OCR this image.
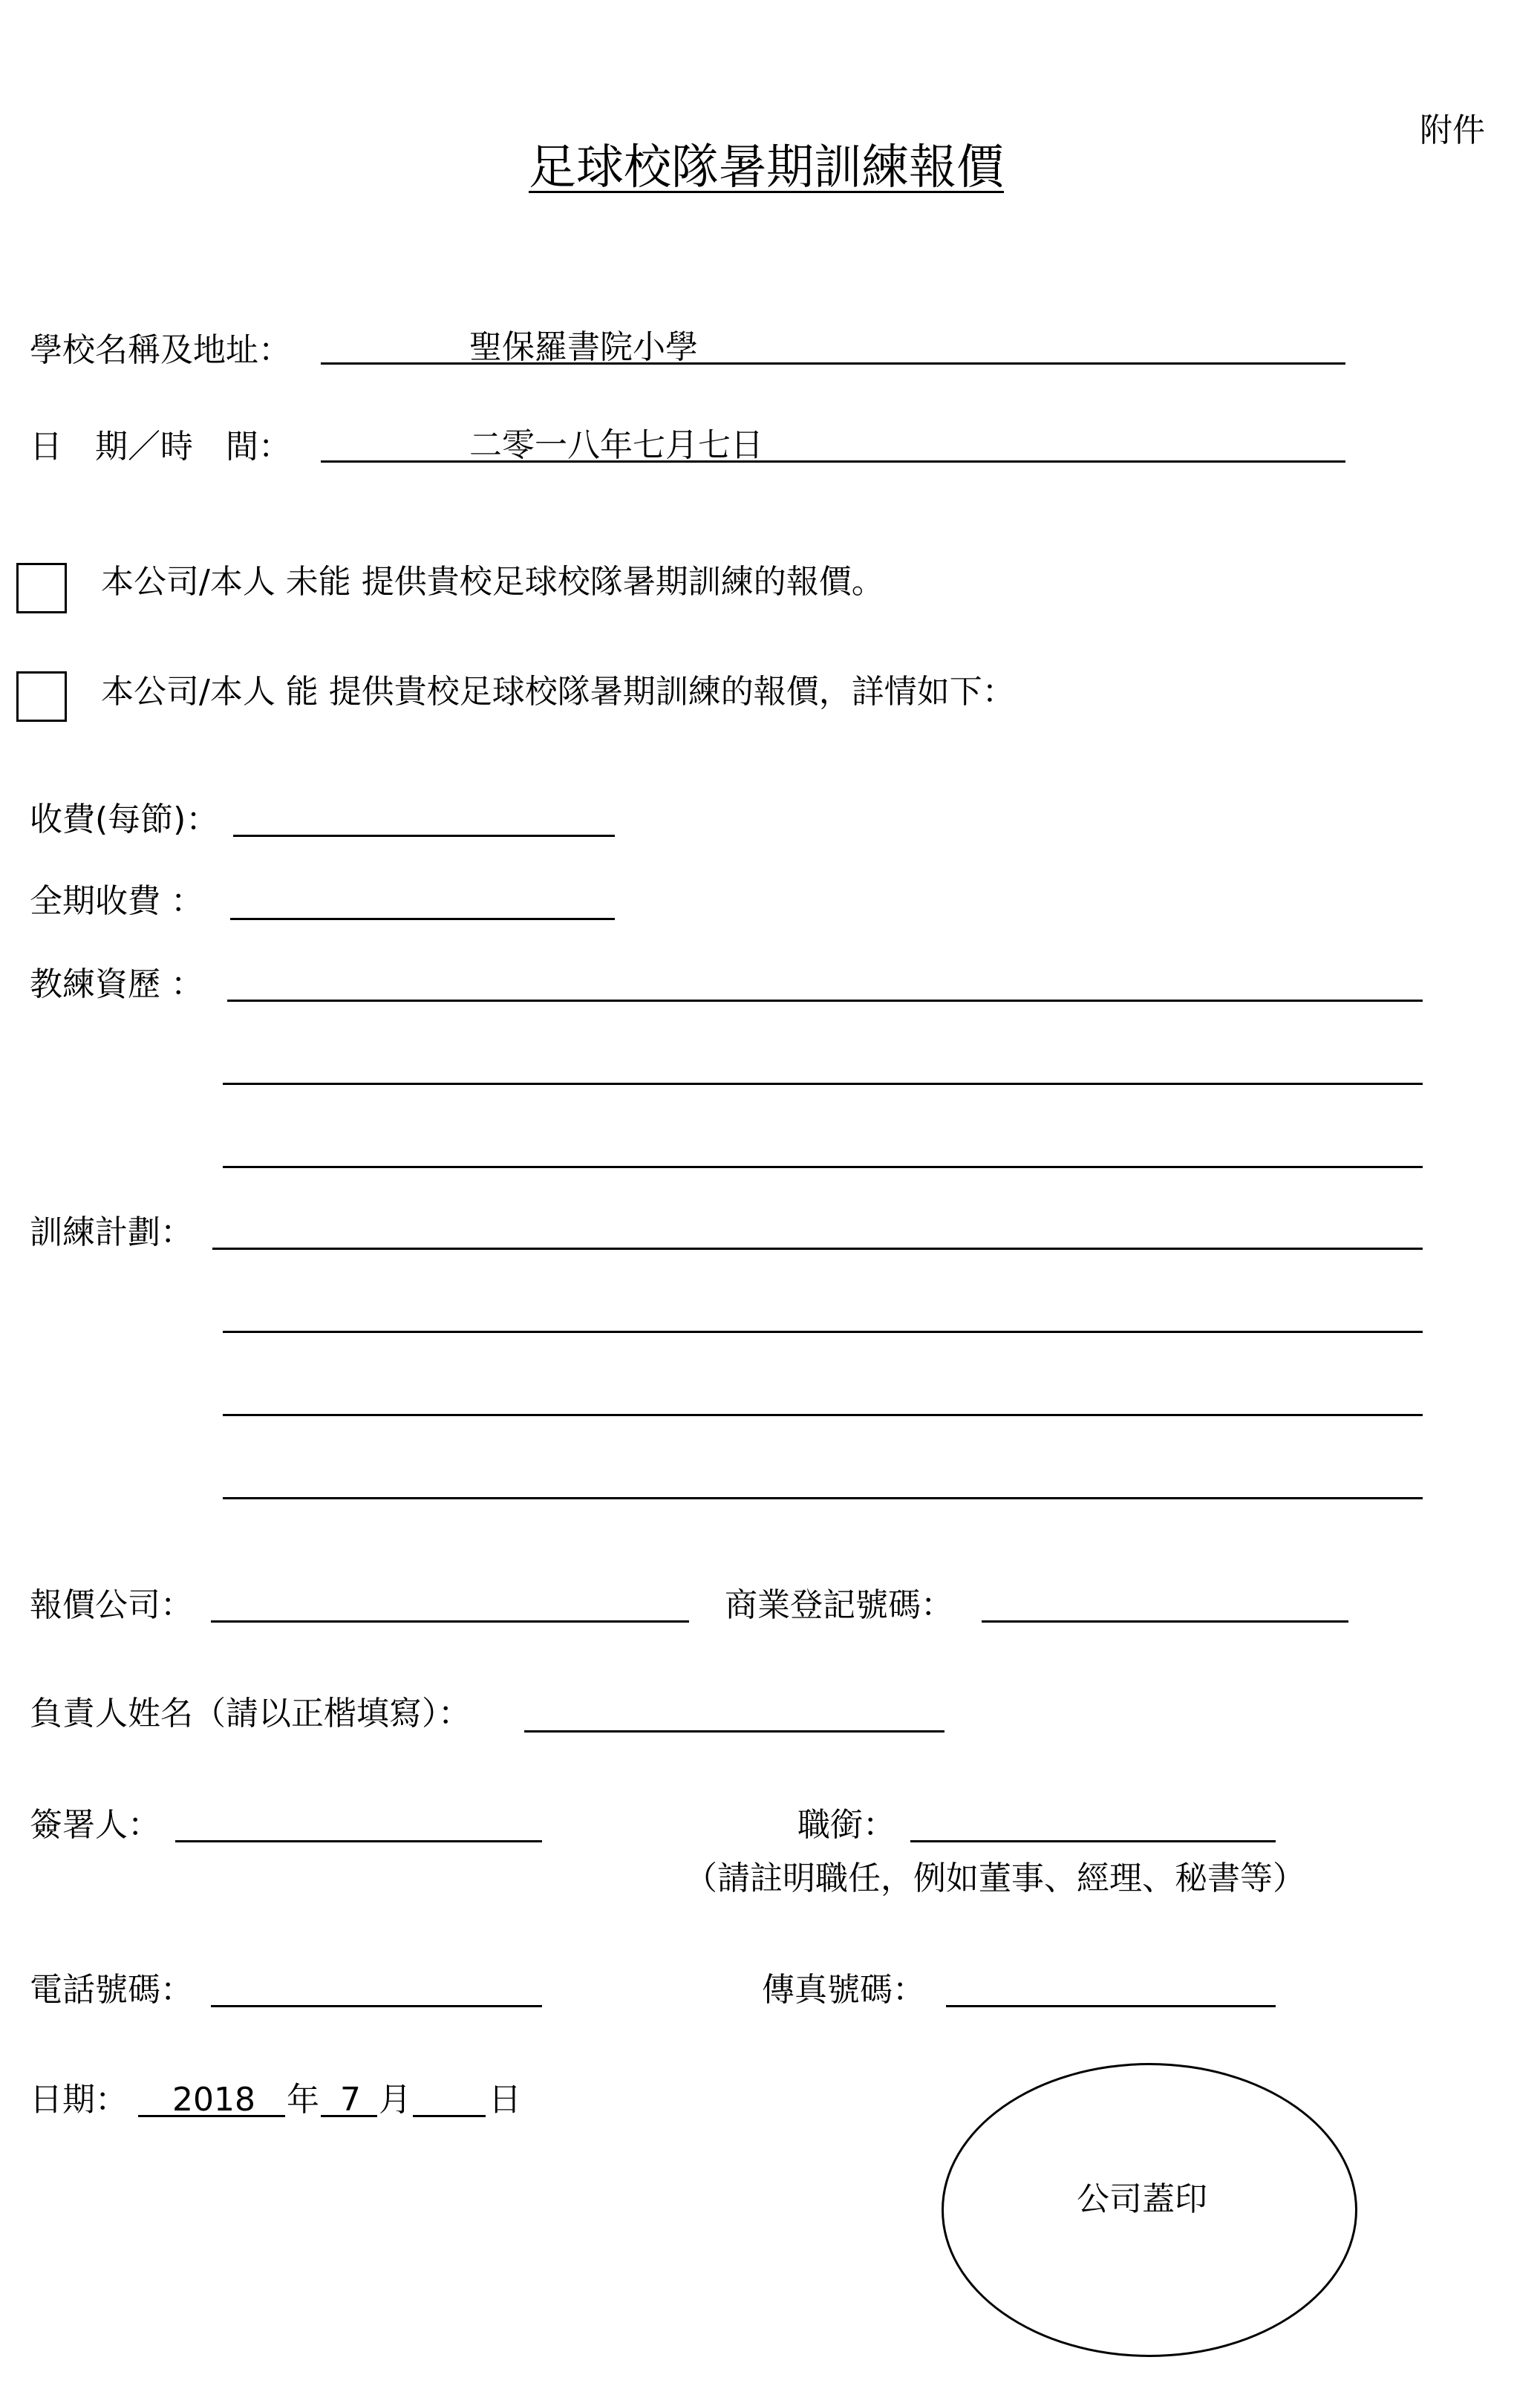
附件
足球校隊暑期訓練報價
學校名稱及地址：	聖保羅書院小學
日　期／時　間：	二零一八年七月七日
本公司/本人 未能 提供貴校足球校隊暑期訓練的報價。
本公司/本人 能 提供貴校足球校隊暑期訓練的報價，詳情如下：
收費(每節)：
全期收費 ：
教練資歷 ：
訓練計劃：
報價公司：	商業登記號碼：
負責人姓名（請以正楷填寫）：
簽署人：	職銜：
（請註明職任，例如董事、經理、秘書等）
電話號碼：	傳真號碼：
日期： 2018 年 7 月 日
公司蓋印
